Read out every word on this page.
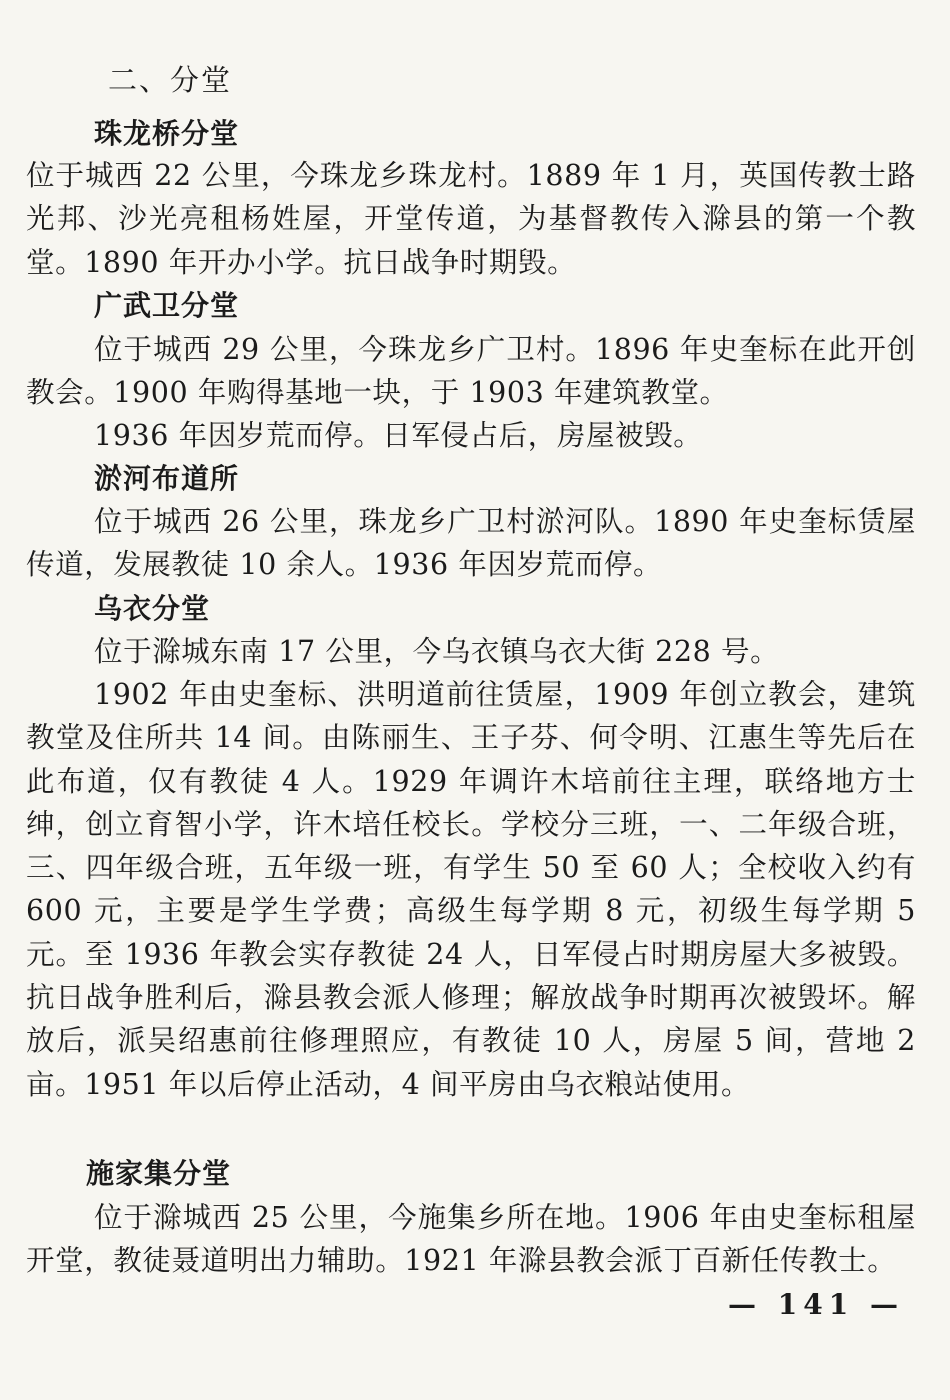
二、分堂
珠龙桥分堂

位于城西 22 公里，今珠龙乡珠龙村。1889 年 1 月，英国传教士路光邦、沙光亮租杨姓屋，开堂传道，为基督教传入滁县的第一个教堂。1890 年开办小学。抗日战争时期毁。

广武卫分堂

位于城西 29 公里，今珠龙乡广卫村。1896 年史奎标在此开创教会。1900 年购得基地一块，于 1903 年建筑教堂。

1936 年因岁荒而停。日军侵占后，房屋被毁。

淤河布道所

位于城西 26 公里，珠龙乡广卫村淤河队。1890 年史奎标赁屋传道，发展教徒 10 余人。1936 年因岁荒而停。

乌衣分堂

位于滁城东南 17 公里，今乌衣镇乌衣大街 228 号。

1902 年由史奎标、洪明道前往赁屋，1909 年创立教会，建筑教堂及住所共 14 间。由陈丽生、王子芬、何令明、江惠生等先后在此布道，仅有教徒 4 人。1929 年调许木培前往主理，联络地方士绅，创立育智小学，许木培任校长。学校分三班，一、二年级合班，三、四年级合班，五年级一班，有学生 50 至 60 人；全校收入约有 600 元，主要是学生学费；高级生每学期 8 元，初级生每学期 5 元。至 1936 年教会实存教徒 24 人，日军侵占时期房屋大多被毁。抗日战争胜利后，滁县教会派人修理；解放战争时期再次被毁坏。解放后，派吴绍惠前往修理照应，有教徒 10 人，房屋 5 间，营地 2 亩。1951 年以后停止活动，4 间平房由乌衣粮站使用。

施家集分堂

位于滁城西 25 公里，今施集乡所在地。1906 年由史奎标租屋开堂，教徒聂道明出力辅助。1921 年滁县教会派丁百新任传教士。

— 141 —
